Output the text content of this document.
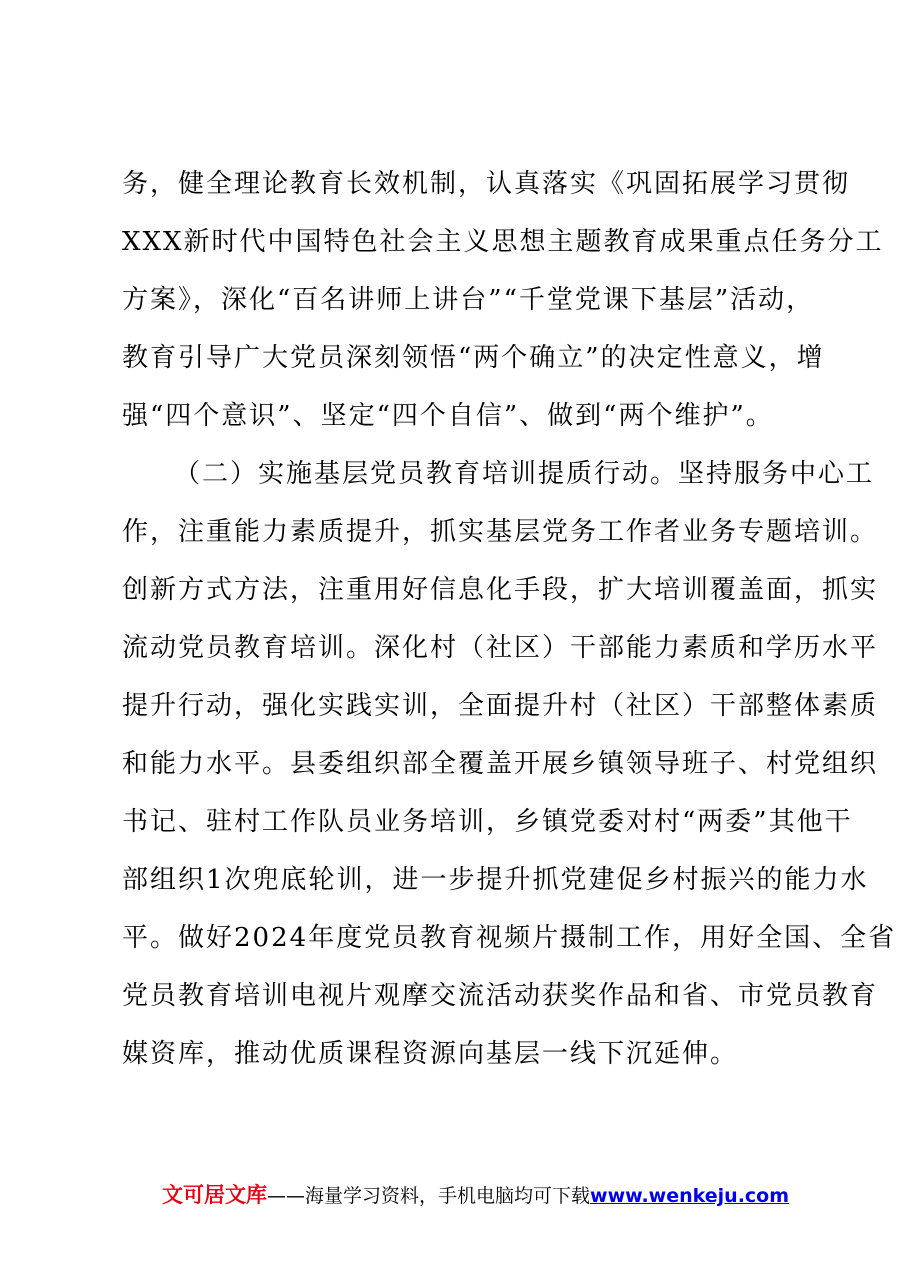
务，健全理论教育长效机制，认真落实《巩固拓展学习贯彻
XXX新时代中国特色社会主义思想主题教育成果重点任务分工
方案》，深化“百名讲师上讲台”“千堂党课下基层”活动，
教育引导广大党员深刻领悟“两个确立”的决定性意义，增
强“四个意识”、坚定“四个自信”、做到“两个维护”。
（二）实施基层党员教育培训提质行动。坚持服务中心工
作，注重能力素质提升，抓实基层党务工作者业务专题培训。
创新方式方法，注重用好信息化手段，扩大培训覆盖面，抓实
流动党员教育培训。深化村（社区）干部能力素质和学历水平
提升行动，强化实践实训，全面提升村（社区）干部整体素质
和能力水平。县委组织部全覆盖开展乡镇领导班子、村党组织
书记、驻村工作队员业务培训，乡镇党委对村“两委”其他干
部组织1次兜底轮训，进一步提升抓党建促乡村振兴的能力水
平。做好2024年度党员教育视频片摄制工作，用好全国、全省
党员教育培训电视片观摩交流活动获奖作品和省、市党员教育
媒资库，推动优质课程资源向基层一线下沉延伸。
文可居文库——海量学习资料，手机电脑均可下载www.wenkeju.com
